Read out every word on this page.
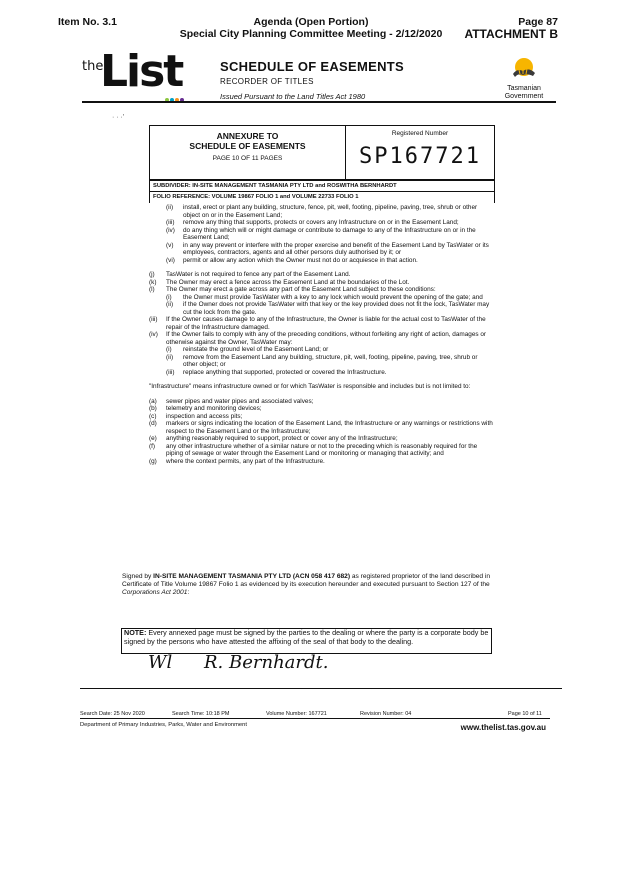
Item No. 3.1	Agenda (Open Portion)
Special City Planning Committee Meeting - 2/12/2020
Page 87
ATTACHMENT B
the
List	SCHEDULE OF EASEMENTS
RECORDER OF TITLES
Issued Pursuant to the Land Titles Act 1980
Tasmanian
Government
· · ·'
ANNEXURE TO
SCHEDULE OF EASEMENTS
PAGE 10 OF 11 PAGES
Registered Number
SP167721
SUBDIVIDER: IN-SITE MANAGEMENT TASMANIA PTY LTD and ROSWITHA BERNHARDT
FOLIO REFERENCE: VOLUME 19867 FOLIO 1 and VOLUME 22733 FOLIO 1
(ii) install, erect or plant any building, structure, fence, pit, well, footing, pipeline, paving, tree, shrub or other object on or in the Easement Land;
(iii) remove any thing that supports, protects or covers any Infrastructure on or in the Easement Land;
(iv) do any thing which will or might damage or contribute to damage to any of the Infrastructure on or in the Easement Land;
(v) in any way prevent or interfere with the proper exercise and benefit of the Easement Land by TasWater or its employees, contractors, agents and all other persons duly authorised by it; or
(vi) permit or allow any action which the Owner must not do or acquiesce in that action.
(j) TasWater is not required to fence any part of the Easement Land.
(k) The Owner may erect a fence across the Easement Land at the boundaries of the Lot.
(l) The Owner may erect a gate across any part of the Easement Land subject to these conditions:
(i) the Owner must provide TasWater with a key to any lock which would prevent the opening of the gate; and
(ii) if the Owner does not provide TasWater with that key or the key provided does not fit the lock, TasWater may cut the lock from the gate.
(iii) If the Owner causes damage to any of the Infrastructure, the Owner is liable for the actual cost to TasWater of the repair of the Infrastructure damaged.
(iv) If the Owner fails to comply with any of the preceding conditions, without forfeiting any right of action, damages or otherwise against the Owner, TasWater may:
(i) reinstate the ground level of the Easement Land; or
(ii) remove from the Easement Land any building, structure, pit, well, footing, pipeline, paving, tree, shrub or other object; or
(iii) replace anything that supported, protected or covered the Infrastructure.
"Infrastructure" means infrastructure owned or for which TasWater is responsible and includes but is not limited to:
(a) sewer pipes and water pipes and associated valves;
(b) telemetry and monitoring devices;
(c) inspection and access pits;
(d) markers or signs indicating the location of the Easement Land, the Infrastructure or any warnings or restrictions with respect to the Easement Land or the Infrastructure;
(e) anything reasonably required to support, protect or cover any of the Infrastructure;
(f) any other infrastructure whether of a similar nature or not to the preceding which is reasonably required for the piping of sewage or water through the Easement Land or monitoring or managing that activity; and
(g) where the context permits, any part of the Infrastructure.
Signed by IN-SITE MANAGEMENT TASMANIA PTY LTD (ACN 058 417 682) as registered proprietor of the land described in Certificate of Title Volume 19867 Folio 1 as evidenced by its execution hereunder and executed pursuant to Section 127 of the Corporations Act 2001:
NOTE: Every annexed page must be signed by the parties to the dealing or where the party is a corporate body be signed by the persons who have attested the affixing of the seal of that body to the dealing.
Wl R. Bernhardt.
Search Date: 25 Nov 2020	Search Time: 10:18 PM	Volume Number: 167721	Revision Number: 04	Page 10 of 11
Department of Primary Industries, Parks, Water and Environment	www.thelist.tas.gov.au
